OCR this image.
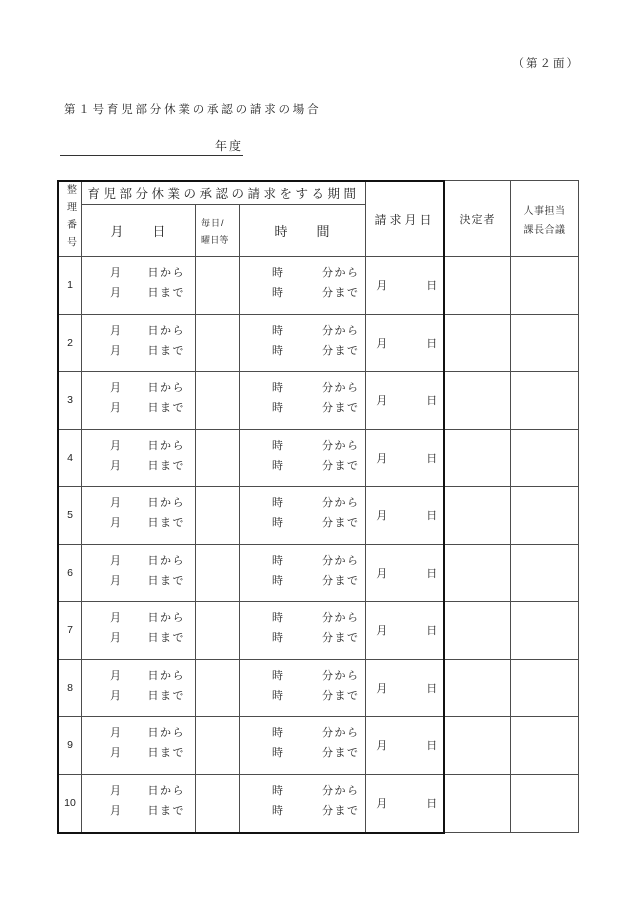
（第２面）
第１号育児部分休業の承認の請求の場合
年度
整理番号 育児部分休業の承認の請求をする期間
月　　日
毎日/
曜日等
時　　間
請求月日
1
月　　日から
月　　日まで
時　　　分から
時　　　分まで
月　　　日
2
月　　日から
月　　日まで
時　　　分から
時　　　分まで
月　　　日
3
月　　日から
月　　日まで
時　　　分から
時　　　分まで
月　　　日
4
月　　日から
月　　日まで
時　　　分から
時　　　分まで
月　　　日
5
月　　日から
月　　日まで
時　　　分から
時　　　分まで
月　　　日
6
月　　日から
月　　日まで
時　　　分から
時　　　分まで
月　　　日
7
月　　日から
月　　日まで
時　　　分から
時　　　分まで
月　　　日
8
月　　日から
月　　日まで
時　　　分から
時　　　分まで
月　　　日
9
月　　日から
月　　日まで
時　　　分から
時　　　分まで
月　　　日
10
月　　日から
月　　日まで
時　　　分から
時　　　分まで
月　　　日
決定者
人事担当
課長合議
